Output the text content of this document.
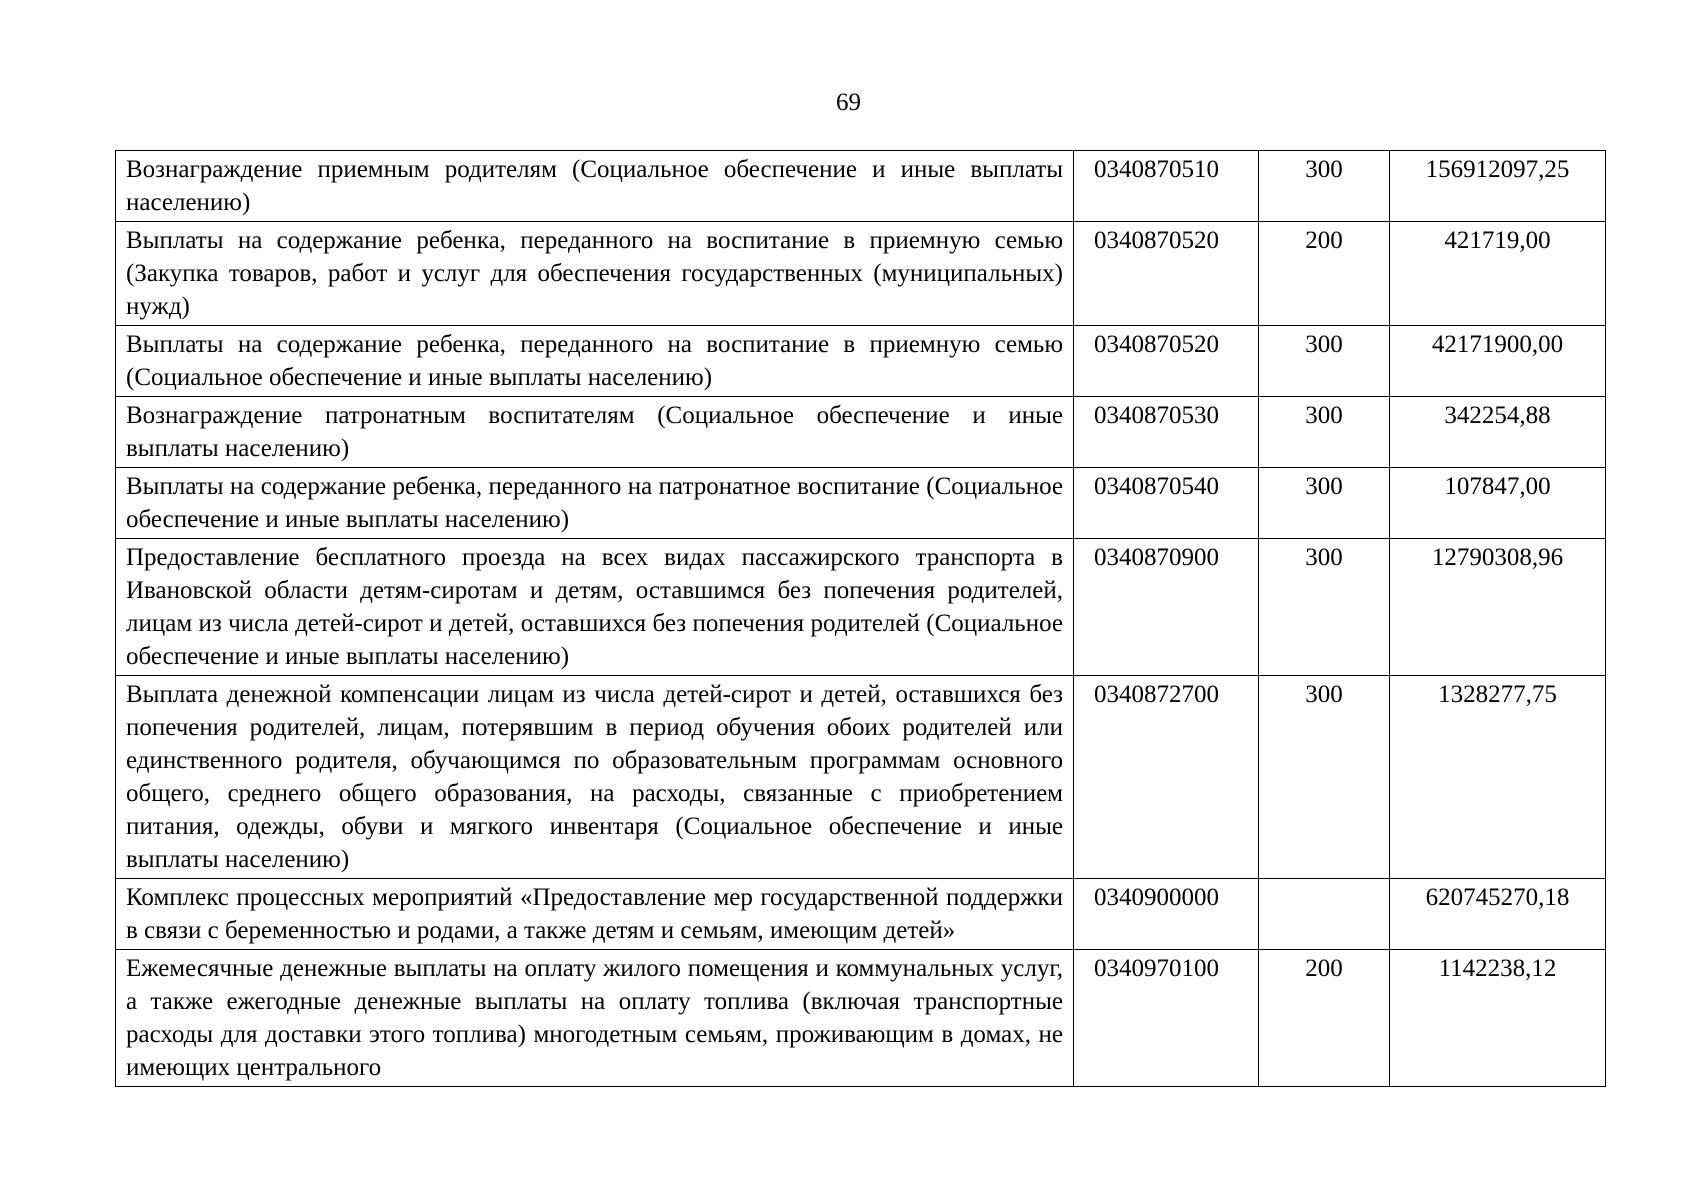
69
Вознаграждение приемным родителям (Социальное обеспечение и иные выплаты населению)	0340870510	300	156912097,25
Выплаты на содержание ребенка, переданного на воспитание в приемную семью (Закупка товаров, работ и услуг для обеспечения государственных (муниципальных) нужд)	0340870520	200	421719,00
Выплаты на содержание ребенка, переданного на воспитание в приемную семью (Социальное обеспечение и иные выплаты населению)	0340870520	300	42171900,00
Вознаграждение патронатным воспитателям (Социальное обеспечение и иные выплаты населению)	0340870530	300	342254,88
Выплаты на содержание ребенка, переданного на патронатное воспитание (Социальное обеспечение и иные выплаты населению)	0340870540	300	107847,00
Предоставление бесплатного проезда на всех видах пассажирского транспорта в Ивановской области детям-сиротам и детям, оставшимся без попечения родителей, лицам из числа детей-сирот и детей, оставшихся без попечения родителей (Социальное обеспечение и иные выплаты населению)	0340870900	300	12790308,96
Выплата денежной компенсации лицам из числа детей-сирот и детей, оставшихся без попечения родителей, лицам, потерявшим в период обучения обоих родителей или единственного родителя, обучающимся по образовательным программам основного общего, среднего общего образования, на расходы, связанные с приобретением питания, одежды, обуви и мягкого инвентаря (Социальное обеспечение и иные выплаты населению)	0340872700	300	1328277,75
Комплекс процессных мероприятий «Предоставление мер государственной поддержки в связи с беременностью и родами, а также детям и семьям, имеющим детей»	0340900000		620745270,18
Ежемесячные денежные выплаты на оплату жилого помещения и коммунальных услуг, а также ежегодные денежные выплаты на оплату топлива (включая транспортные расходы для доставки этого топлива) многодетным семьям, проживающим в домах, не имеющих центрального	0340970100	200	1142238,12
